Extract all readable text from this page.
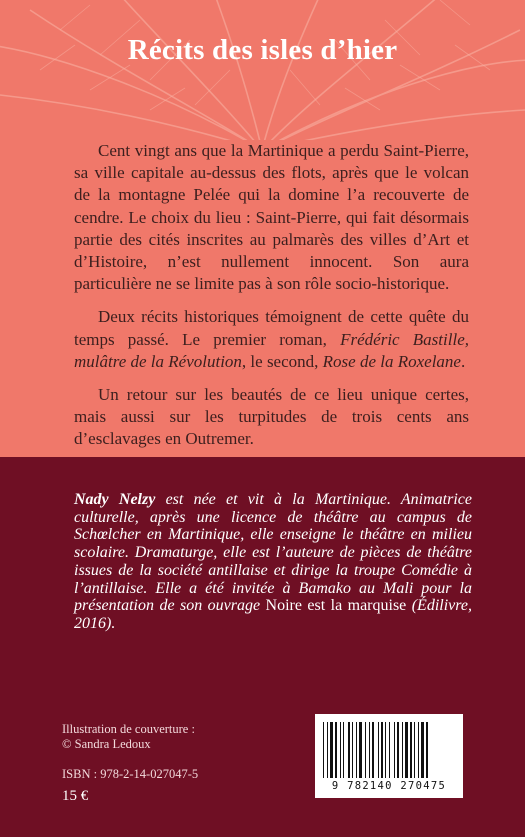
Récits des isles d’hier

Cent vingt ans que la Martinique a perdu Saint-Pierre, sa ville capitale au-dessus des flots, après que le volcan de la montagne Pelée qui la domine l’a recouverte de cendre. Le choix du lieu : Saint-Pierre, qui fait désormais partie des cités inscrites au palmarès des villes d’Art et d’Histoire, n’est nullement innocent. Son aura particulière ne se limite pas à son rôle socio-historique.

Deux récits historiques témoignent de cette quête du temps passé. Le premier roman, Frédéric Bastille, mulâtre de la Révolution, le second, Rose de la Roxelane.

Un retour sur les beautés de ce lieu unique certes, mais aussi sur les turpitudes de trois cents ans d’esclavages en Outremer.

Nady Nelzy est née et vit à la Martinique. Animatrice culturelle, après une licence de théâtre au campus de Schœlcher en Martinique, elle enseigne le théâtre en milieu scolaire. Dramaturge, elle est l’auteure de pièces de théâtre issues de la société antillaise et dirige la troupe Comédie à l’antillaise. Elle a été invitée à Bamako au Mali pour la présentation de son ouvrage Noire est la marquise (Édilivre, 2016).
Illustration de couverture :
© Sandra Ledoux
ISBN : 978-2-14-027047-5
15 €
9 782140 270475
